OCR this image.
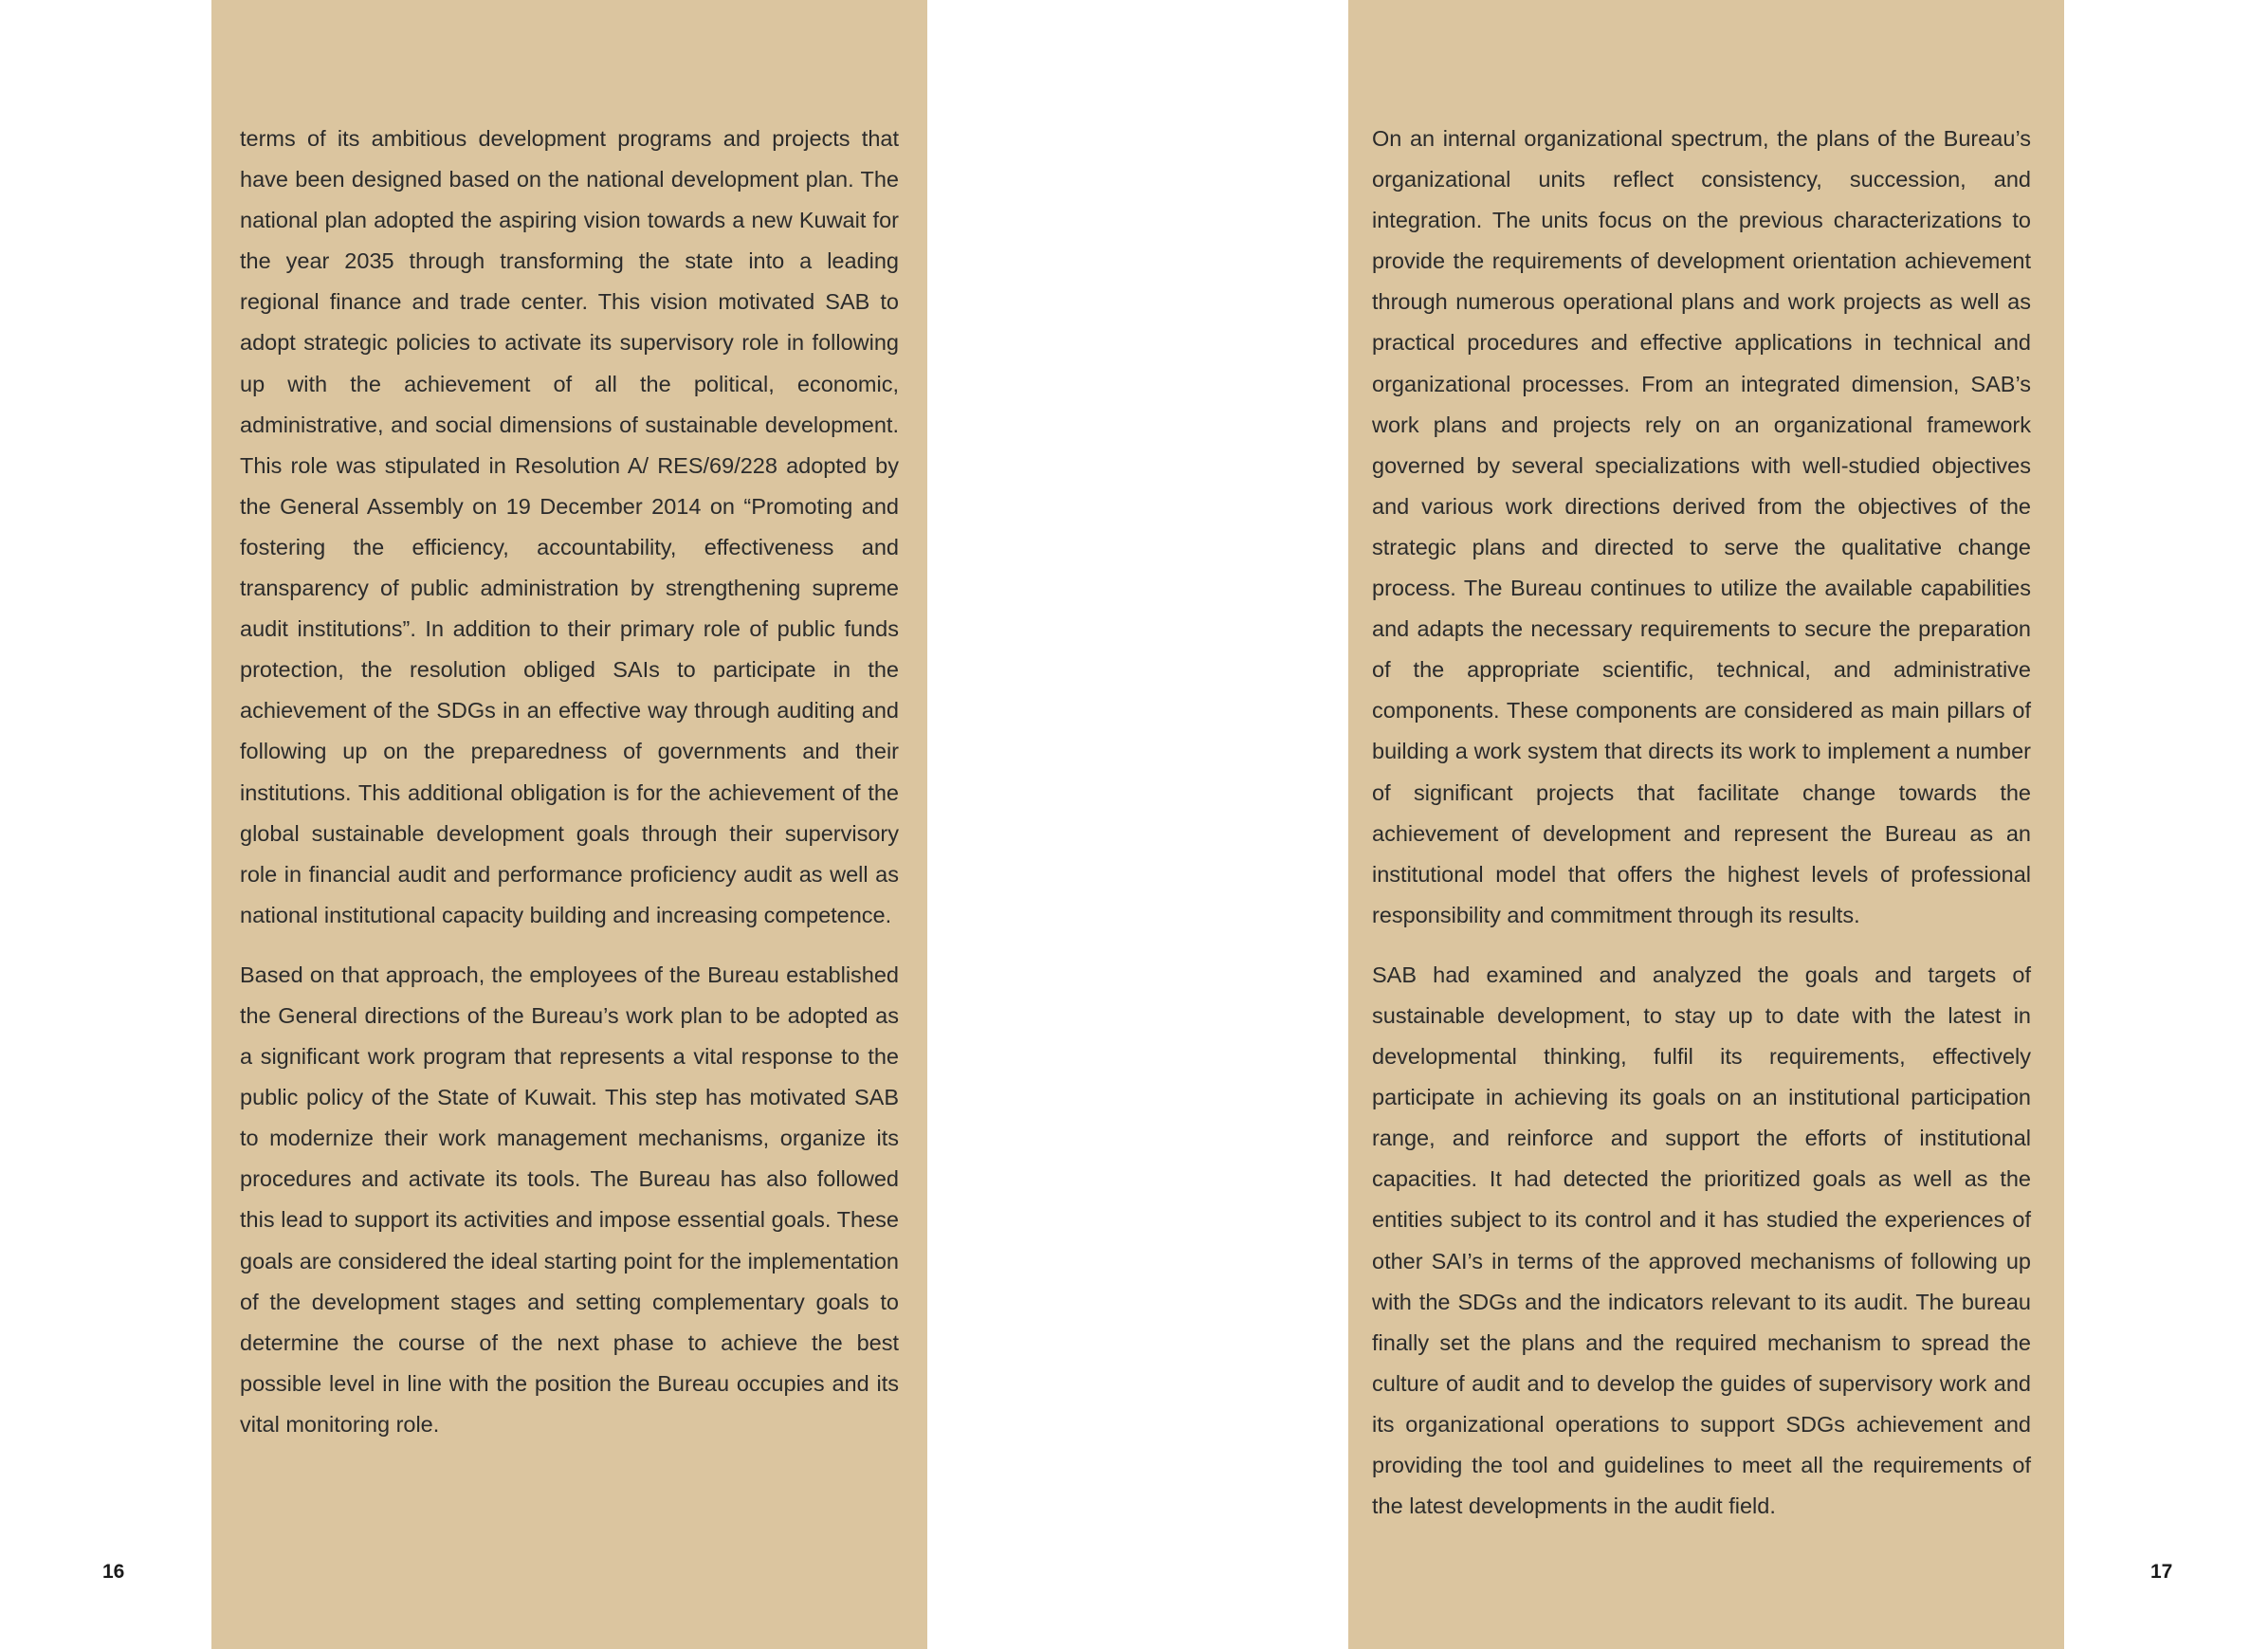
terms of its ambitious development programs and projects that have been designed based on the national development plan. The national plan adopted the aspiring vision towards a new Kuwait for the year 2035 through transforming the state into a leading regional finance and trade center. This vision motivated SAB to adopt strategic policies to activate its supervisory role in following up with the achievement of all the political, economic, administrative, and social dimensions of sustainable development. This role was stipulated in Resolution A/ RES/69/228 adopted by the General Assembly on 19 December 2014 on “Promoting and fostering the efficiency, accountability, effectiveness and transparency of public administration by strengthening supreme audit institutions”. In addition to their primary role of public funds protection, the resolution obliged SAIs to participate in the achievement of the SDGs in an effective way through auditing and following up on the preparedness of governments and their institutions. This additional obligation is for the achievement of the global sustainable development goals through their supervisory role in financial audit and performance proficiency audit as well as national institutional capacity building and increasing competence.

Based on that approach, the employees of the Bureau established the General directions of the Bureau’s work plan to be adopted as a significant work program that represents a vital response to the public policy of the State of Kuwait. This step has motivated SAB to modernize their work management mechanisms, organize its procedures and activate its tools. The Bureau has also followed this lead to support its activities and impose essential goals. These goals are considered the ideal starting point for the implementation of the development stages and setting complementary goals to determine the course of the next phase to achieve the best possible level in line with the position the Bureau occupies and its vital monitoring role.

On an internal organizational spectrum, the plans of the Bureau’s organizational units reflect consistency, succession, and integration. The units focus on the previous characterizations to provide the requirements of development orientation achievement through numerous operational plans and work projects as well as practical procedures and effective applications in technical and organizational processes. From an integrated dimension, SAB’s work plans and projects rely on an organizational framework governed by several specializations with well-studied objectives and various work directions derived from the objectives of the strategic plans and directed to serve the qualitative change process. The Bureau continues to utilize the available capabilities and adapts the necessary requirements to secure the preparation of the appropriate scientific, technical, and administrative components. These components are considered as main pillars of building a work system that directs its work to implement a number of significant projects that facilitate change towards the achievement of development and represent the Bureau as an institutional model that offers the highest levels of professional responsibility and commitment through its results.

SAB had examined and analyzed the goals and targets of sustainable development, to stay up to date with the latest in developmental thinking, fulfil its requirements, effectively participate in achieving its goals on an institutional participation range, and reinforce and support the efforts of institutional capacities. It had detected the prioritized goals as well as the entities subject to its control and it has studied the experiences of other SAI’s in terms of the approved mechanisms of following up with the SDGs and the indicators relevant to its audit. The bureau finally set the plans and the required mechanism to spread the culture of audit and to develop the guides of supervisory work and its organizational operations to support SDGs achievement and providing the tool and guidelines to meet all the requirements of the latest developments in the audit field.

16	17
